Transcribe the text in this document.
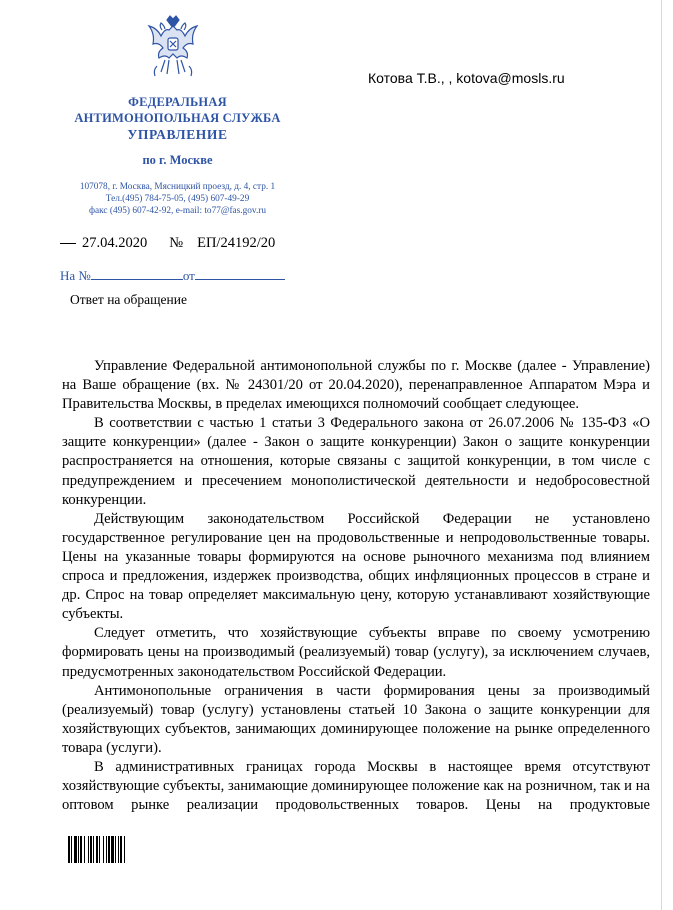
ФЕДЕРАЛЬНАЯ
АНТИМОНОПОЛЬНАЯ СЛУЖБА
УПРАВЛЕНИЕ
по г. Москве
107078, г. Москва, Мясницкий проезд, д. 4, стр. 1
Тел.(495) 784-75-05, (495) 607-49-29
факс (495) 607-42-92, e-mail: to77@fas.gov.ru
Котова Т.В., , kotova@mosls.ru
27.04.2020 № ЕП/24192/20
На №	от
Ответ на обращение

Управление Федеральной антимонопольной службы по г. Москве (далее - Управление) на Ваше обращение (вх. № 24301/20 от 20.04.2020), перенаправленное Аппаратом Мэра и Правительства Москвы, в пределах имеющихся полномочий сообщает следующее.

В соответствии с частью 1 статьи 3 Федерального закона от 26.07.2006 № 135-ФЗ «О защите конкуренции» (далее - Закон о защите конкуренции) Закон о защите конкуренции распространяется на отношения, которые связаны с защитой конкуренции, в том числе с предупреждением и пресечением монополистической деятельности и недобросовестной конкуренции.

Действующим законодательством Российской Федерации не установлено государственное регулирование цен на продовольственные и непродовольственные товары. Цены на указанные товары формируются на основе рыночного механизма под влиянием спроса и предложения, издержек производства, общих инфляционных процессов в стране и др. Спрос на товар определяет максимальную цену, которую устанавливают хозяйствующие субъекты.

Следует отметить, что хозяйствующие субъекты вправе по своему усмотрению формировать цены на производимый (реализуемый) товар (услугу), за исключением случаев, предусмотренных законодательством Российской Федерации.

Антимонопольные ограничения в части формирования цены за производимый (реализуемый) товар (услугу) установлены статьей 10 Закона о защите конкуренции для хозяйствующих субъектов, занимающих доминирующее положение на рынке определенного товара (услуги).

В административных границах города Москвы в настоящее время отсутствуют хозяйствующие субъекты, занимающие доминирующее положение как на розничном, так и на оптовом рынке реализации продовольственных товаров. Цены на продуктовые
